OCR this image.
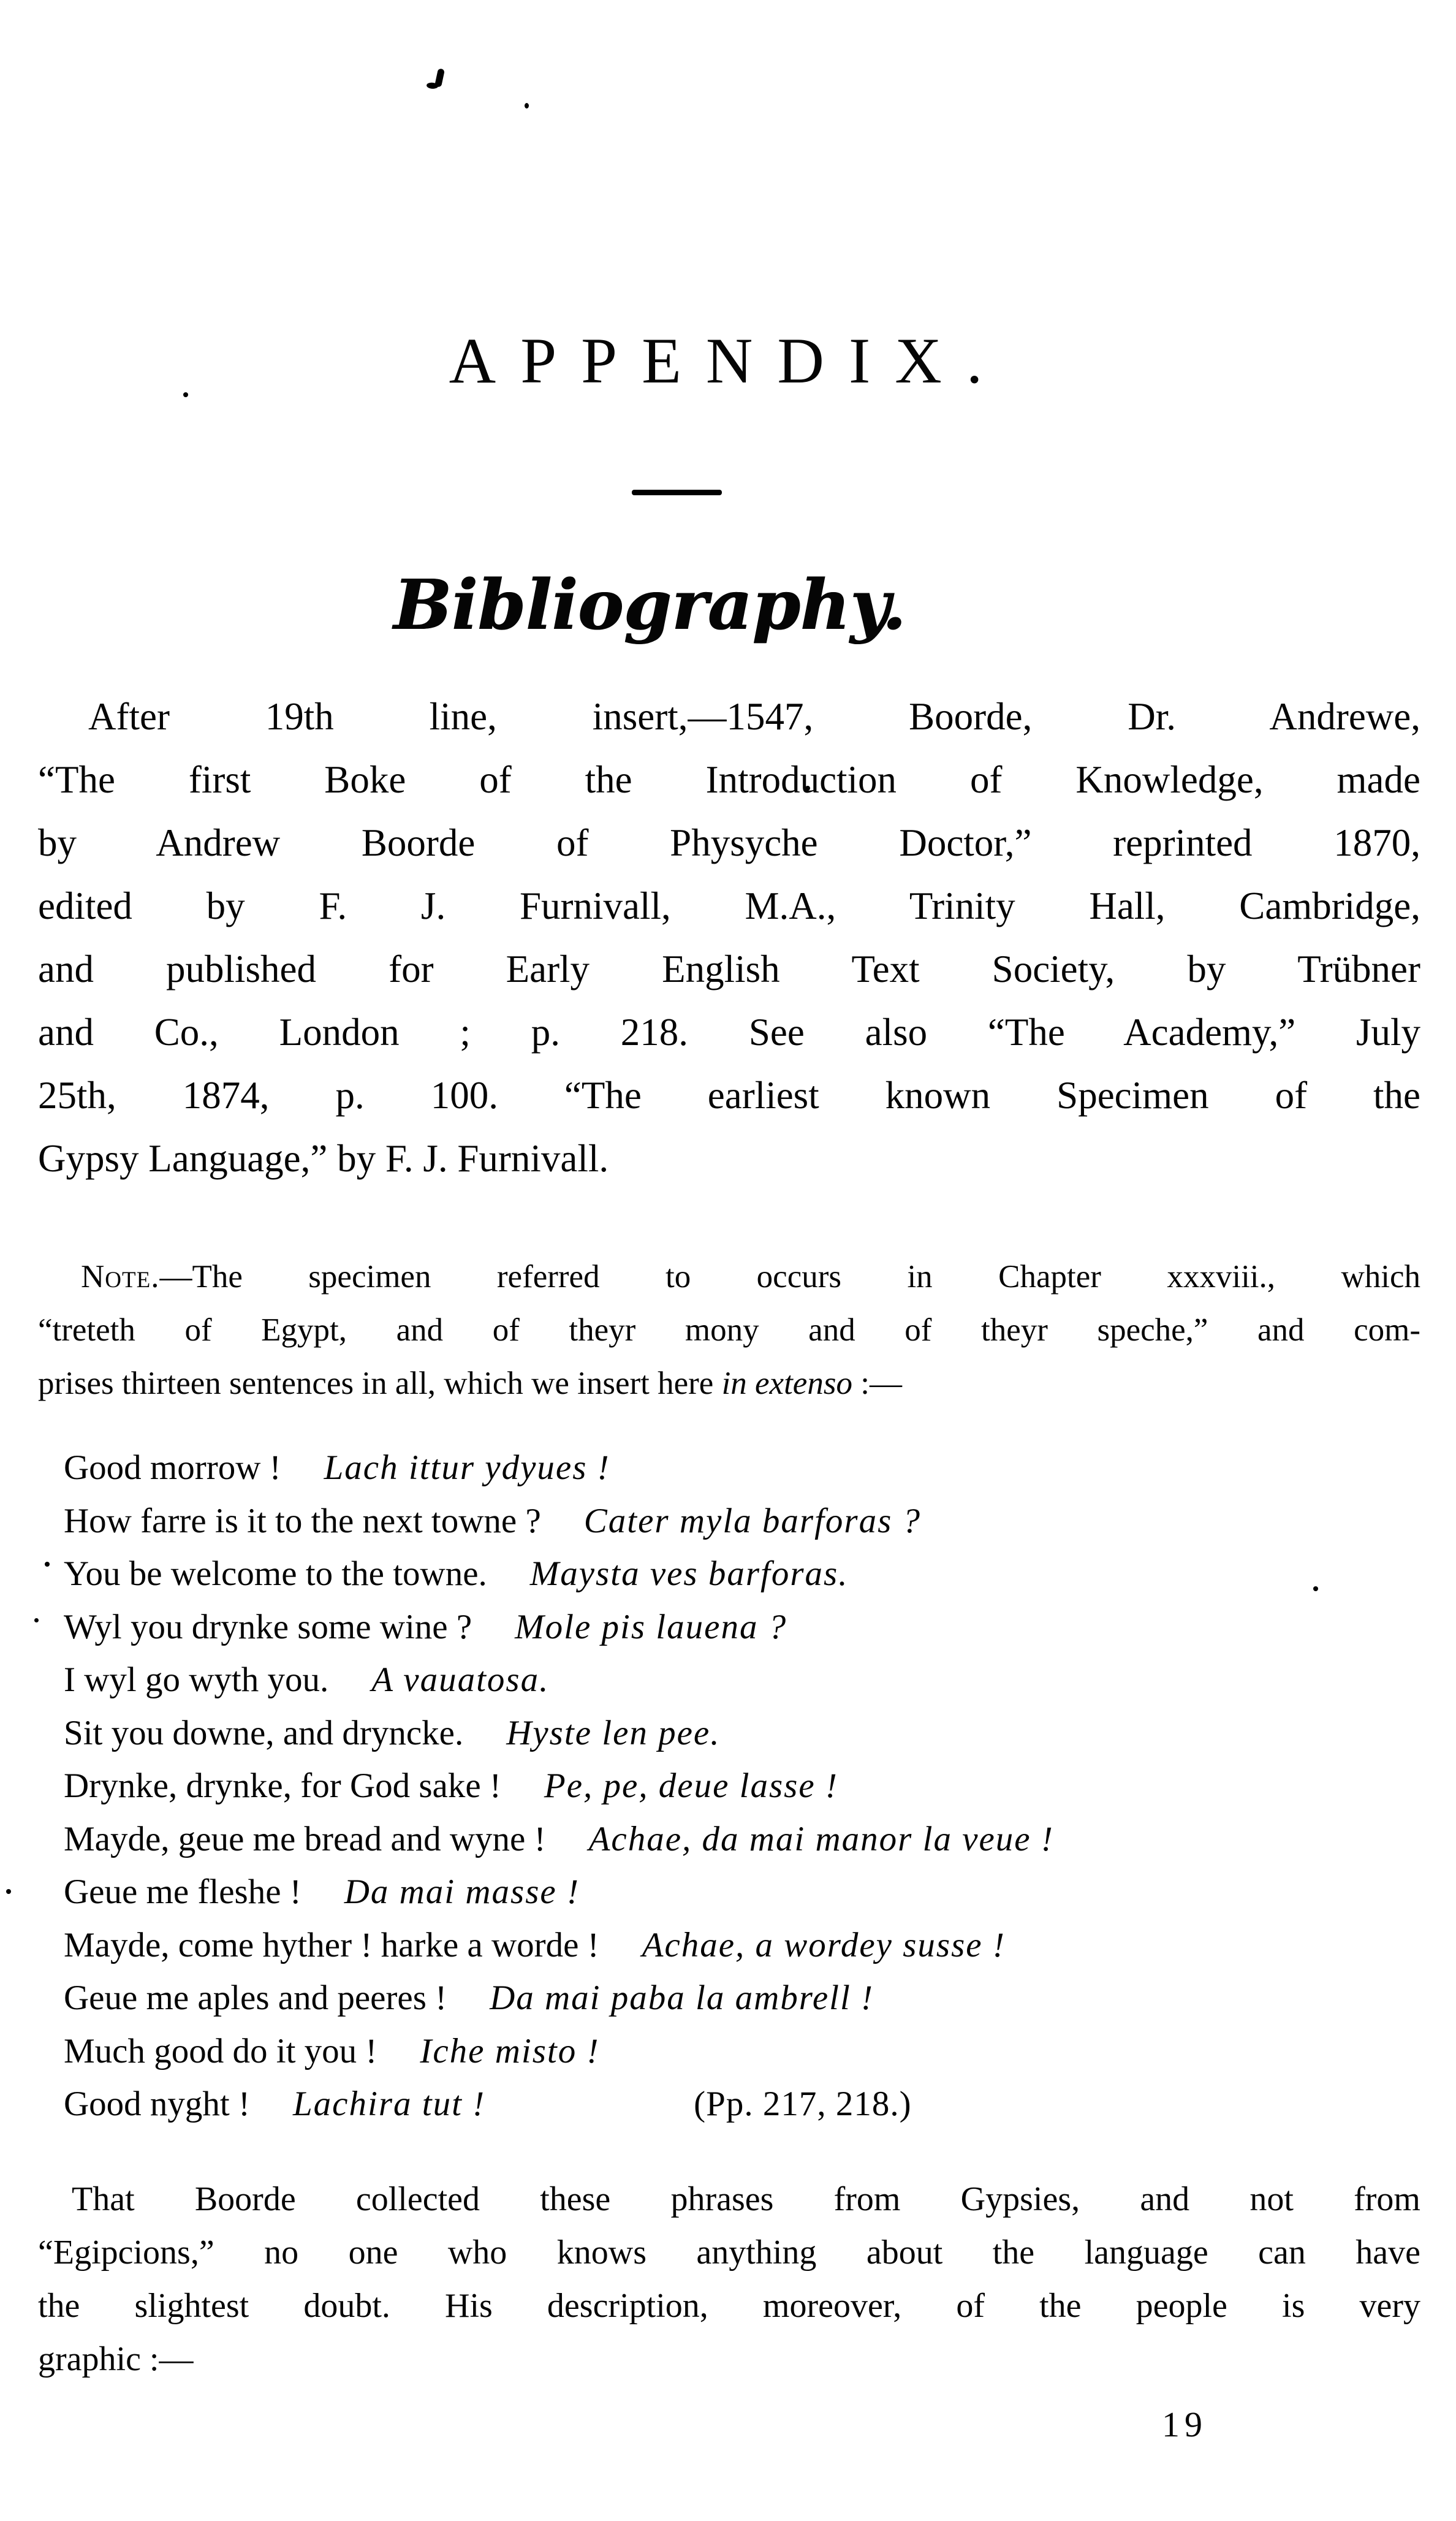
APPENDIX.
Bibliography.
After 19th line, insert,—1547, Boorde, Dr. Andrewe,
“The first Boke of the Introduction of Knowledge, made
by Andrew Boorde of Physyche Doctor,” reprinted 1870,
edited by F. J. Furnivall, M.A., Trinity Hall, Cambridge,
and published for Early English Text Society, by Trübner
and Co., London ; p. 218. See also “The Academy,” July
25th, 1874, p. 100. “The earliest known Specimen of the
Gypsy Language,” by F. J. Furnivall.
Note.—The specimen referred to occurs in Chapter xxxviii., which
“treteth of Egypt, and of theyr mony and of theyr speche,” and com-
prises thirteen sentences in all, which we insert here in extenso :—
Good morrow ! Lach ittur ydyues !
How farre is it to the next towne ? Cater myla barforas ?
You be welcome to the towne. Maysta ves barforas.
Wyl you drynke some wine ? Mole pis lauena ?
I wyl go wyth you. A vauatosa.
Sit you downe, and dryncke. Hyste len pee.
Drynke, drynke, for God sake ! Pe, pe, deue lasse !
Mayde, geue me bread and wyne ! Achae, da mai manor la veue !
Geue me fleshe ! Da mai masse !
Mayde, come hyther ! harke a worde ! Achae, a wordey susse !
Geue me aples and peeres ! Da mai paba la ambrell !
Much good do it you ! Iche misto !
Good nyght ! Lachira tut !	(Pp. 217, 218.)
That Boorde collected these phrases from Gypsies, and not from
“Egipcions,” no one who knows anything about the language can have
the slightest doubt. His description, moreover, of the people is very
graphic :—
19
